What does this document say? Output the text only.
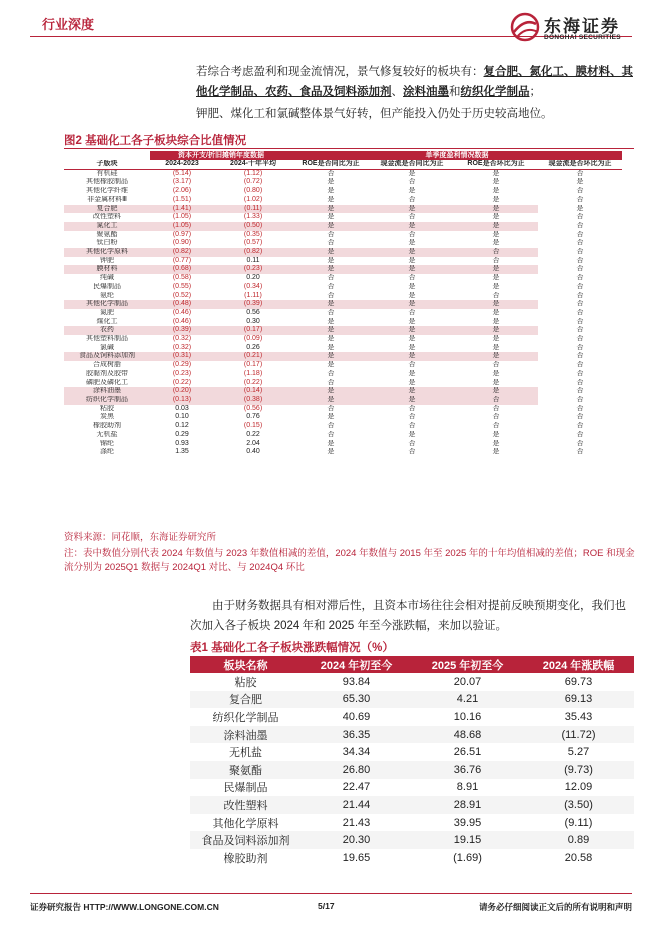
行业深度	东海证券
DONGHAI SECURITIES
若综合考虑盈利和现金流情况，景气修复较好的板块有：复合肥、氮化工、膜材料、其他化学制品、农药、食品及饲料添加剂、涂料油墨和纺织化学制品；
钾肥、煤化工和氯碱整体景气好转，但产能投入仍处于历史较高地位。
图2 基础化工各子板块综合比值情况
	资本开支/折旧摊销年度数据		单季度盈利情况数据			
子版块	2024-2023	2024-十年平均	ROE是否同比为正	现金流是否同比为正	ROE是否环比为正	现金流是否环比为正
有机硅	(5.14)	(1.12)	否	是	是	否
其他橡胶制品	(3.17)	(0.72)	是	否	是	是
其他化学纤维	(2.06)	(0.80)	是	是	是	否
非金属材料Ⅲ	(1.51)	(1.02)	是	否	是	否
复合肥	(1.41)	(0.11)	是	是	是	是
改性塑料	(1.05)	(1.33)	是	否	是	否
氮化工	(1.05)	(0.50)	是	是	是	否
聚氨酯	(0.97)	(0.35)	否	否	是	否
钛白粉	(0.90)	(0.57)	否	是	是	否
其他化学原料	(0.82)	(0.82)	是	是	否	否
钾肥	(0.77)	0.11	是	是	否	否
膜材料	(0.68)	(0.23)	是	是	是	否
纯碱	(0.58)	0.20	否	否	是	否
民爆制品	(0.55)	(0.34)	否	是	是	否
氨纶	(0.52)	(1.11)	否	是	否	否
其他化学制品	(0.48)	(0.39)	是	是	是	否
氮肥	(0.46)	0.56	否	否	是	否
煤化工	(0.46)	0.30	是	是	是	否
农药	(0.39)	(0.17)	是	是	是	否
其他塑料制品	(0.32)	(0.09)	是	是	是	否
氯碱	(0.32)	0.26	是	是	是	否
食品及饲料添加剂	(0.31)	(0.21)	是	是	是	否
合成树脂	(0.29)	(0.17)	是	否	否	否
胶黏剂及胶带	(0.23)	(1.18)	否	是	是	否
磷肥及磷化工	(0.22)	(0.22)	否	是	是	否
涂料油墨	(0.20)	(0.14)	是	是	是	否
纺织化学制品	(0.13)	(0.38)	是	是	否	否
粘胶	0.03	(0.56)	否	否	否	否
炭黑	0.10	0.76	是	否	否	否
橡胶助剂	0.12	(0.15)	否	否	否	否
无机盐	0.29	0.22	否	是	是	否
锦纶	0.93	2.04	是	否	是	否
涤纶	1.35	0.40	是	否	是	否
资料来源：同花顺，东海证券研究所
注：表中数值分别代表 2024 年数值与 2023 年数值相减的差值，2024 年数值与 2015 年至 2025 年的十年均值相减的差值；ROE 和现金流分别为 2025Q1 数据与 2024Q1 对比、与 2024Q4 环比
由于财务数据具有相对滞后性，且资本市场往往会相对提前反映预期变化，我们也次加入各子板块 2024 年和 2025 年至今涨跌幅，来加以验证。
表1 基础化工各子板块涨跌幅情况（%）
板块名称	2024 年初至今	2025 年初至今	2024 年涨跌幅
粘胶	93.84	20.07	69.73
复合肥	65.30	4.21	69.13
纺织化学制品	40.69	10.16	35.43
涂料油墨	36.35	48.68	(11.72)
无机盐	34.34	26.51	5.27
聚氨酯	26.80	36.76	(9.73)
民爆制品	22.47	8.91	12.09
改性塑料	21.44	28.91	(3.50)
其他化学原料	21.43	39.95	(9.11)
食品及饲料添加剂	20.30	19.15	0.89
橡胶助剂	19.65	(1.69)	20.58
证券研究报告 HTTP://WWW.LONGONE.COM.CN	5/17	请务必仔细阅读正文后的所有说明和声明
